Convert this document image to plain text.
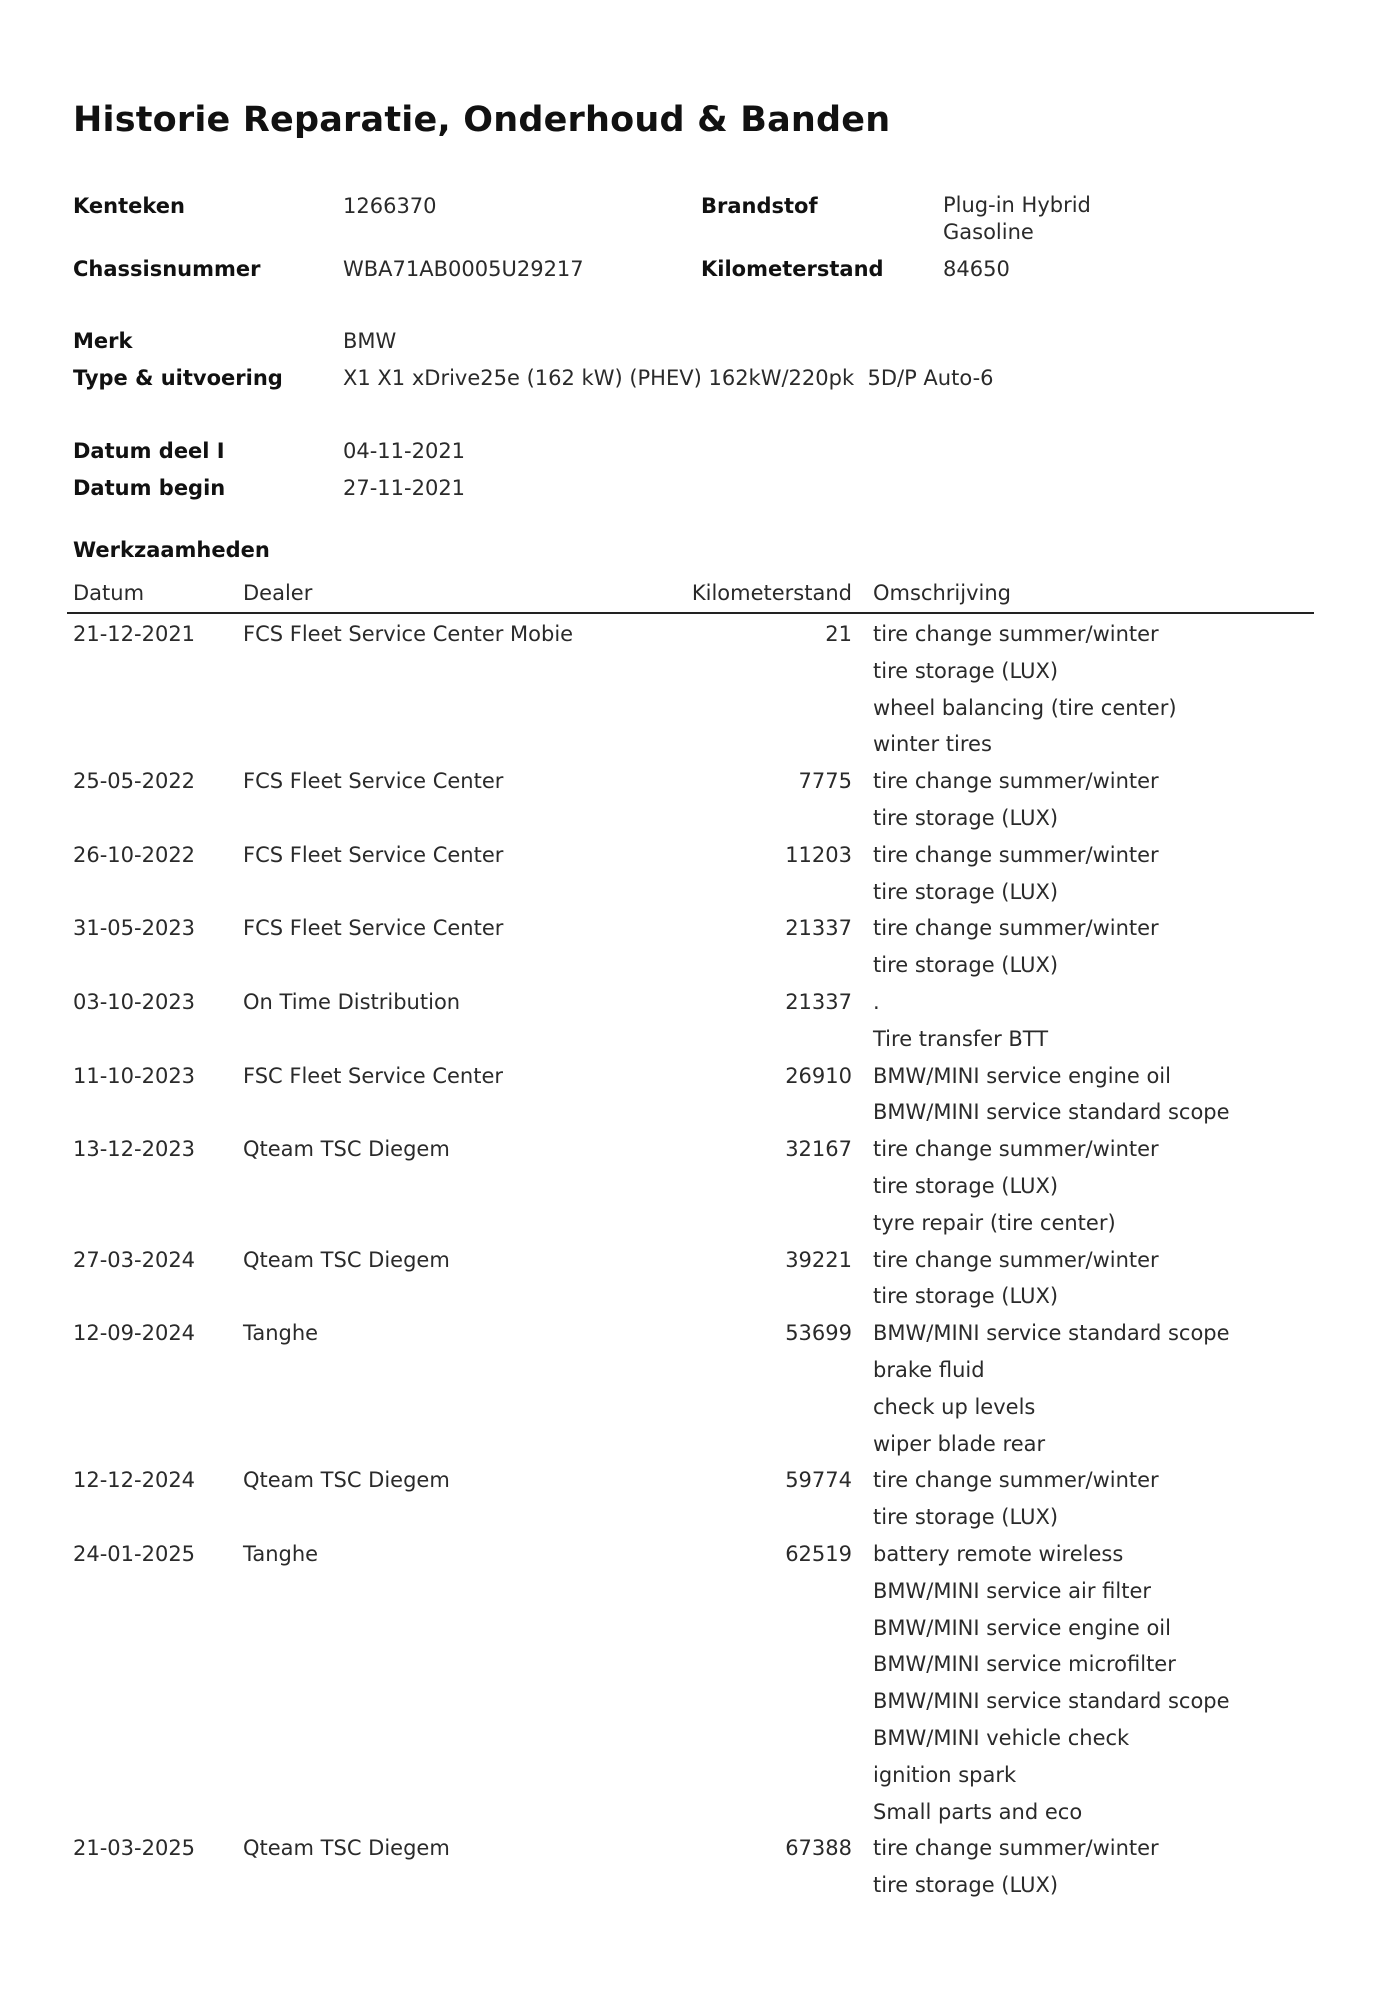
Historie Reparatie, Onderhoud & Banden
Kenteken	1266370	Brandstof	Plug-in Hybrid
Gasoline
Chassisnummer	WBA71AB0005U29217	Kilometerstand	84650
Merk	BMW
Type & uitvoering	X1 X1 xDrive25e (162 kW) (PHEV) 162kW/220pk  5D/P Auto-6
Datum deel I	04-11-2021
Datum begin	27-11-2021
Werkzaamheden
Datum	Dealer	Kilometerstand Omschrijving
21-12-2021 FCS Fleet Service Center Mobie	21 tire change summer/winter
tire storage (LUX)
wheel balancing (tire center)
winter tires
25-05-2022 FCS Fleet Service Center	7775 tire change summer/winter
tire storage (LUX)
26-10-2022 FCS Fleet Service Center	11203 tire change summer/winter
tire storage (LUX)
31-05-2023 FCS Fleet Service Center	21337 tire change summer/winter
tire storage (LUX)
03-10-2023 On Time Distribution	21337 .
Tire transfer BTT
11-10-2023 FSC Fleet Service Center	26910 BMW/MINI service engine oil
BMW/MINI service standard scope
13-12-2023 Qteam TSC Diegem	32167 tire change summer/winter
tire storage (LUX)
tyre repair (tire center)
27-03-2024 Qteam TSC Diegem	39221 tire change summer/winter
tire storage (LUX)
12-09-2024 Tanghe	53699 BMW/MINI service standard scope
brake fluid
check up levels
wiper blade rear
12-12-2024 Qteam TSC Diegem	59774 tire change summer/winter
tire storage (LUX)
24-01-2025 Tanghe	62519 battery remote wireless
BMW/MINI service air filter
BMW/MINI service engine oil
BMW/MINI service microfilter
BMW/MINI service standard scope
BMW/MINI vehicle check
ignition spark
Small parts and eco
21-03-2025 Qteam TSC Diegem	67388 tire change summer/winter
tire storage (LUX)
